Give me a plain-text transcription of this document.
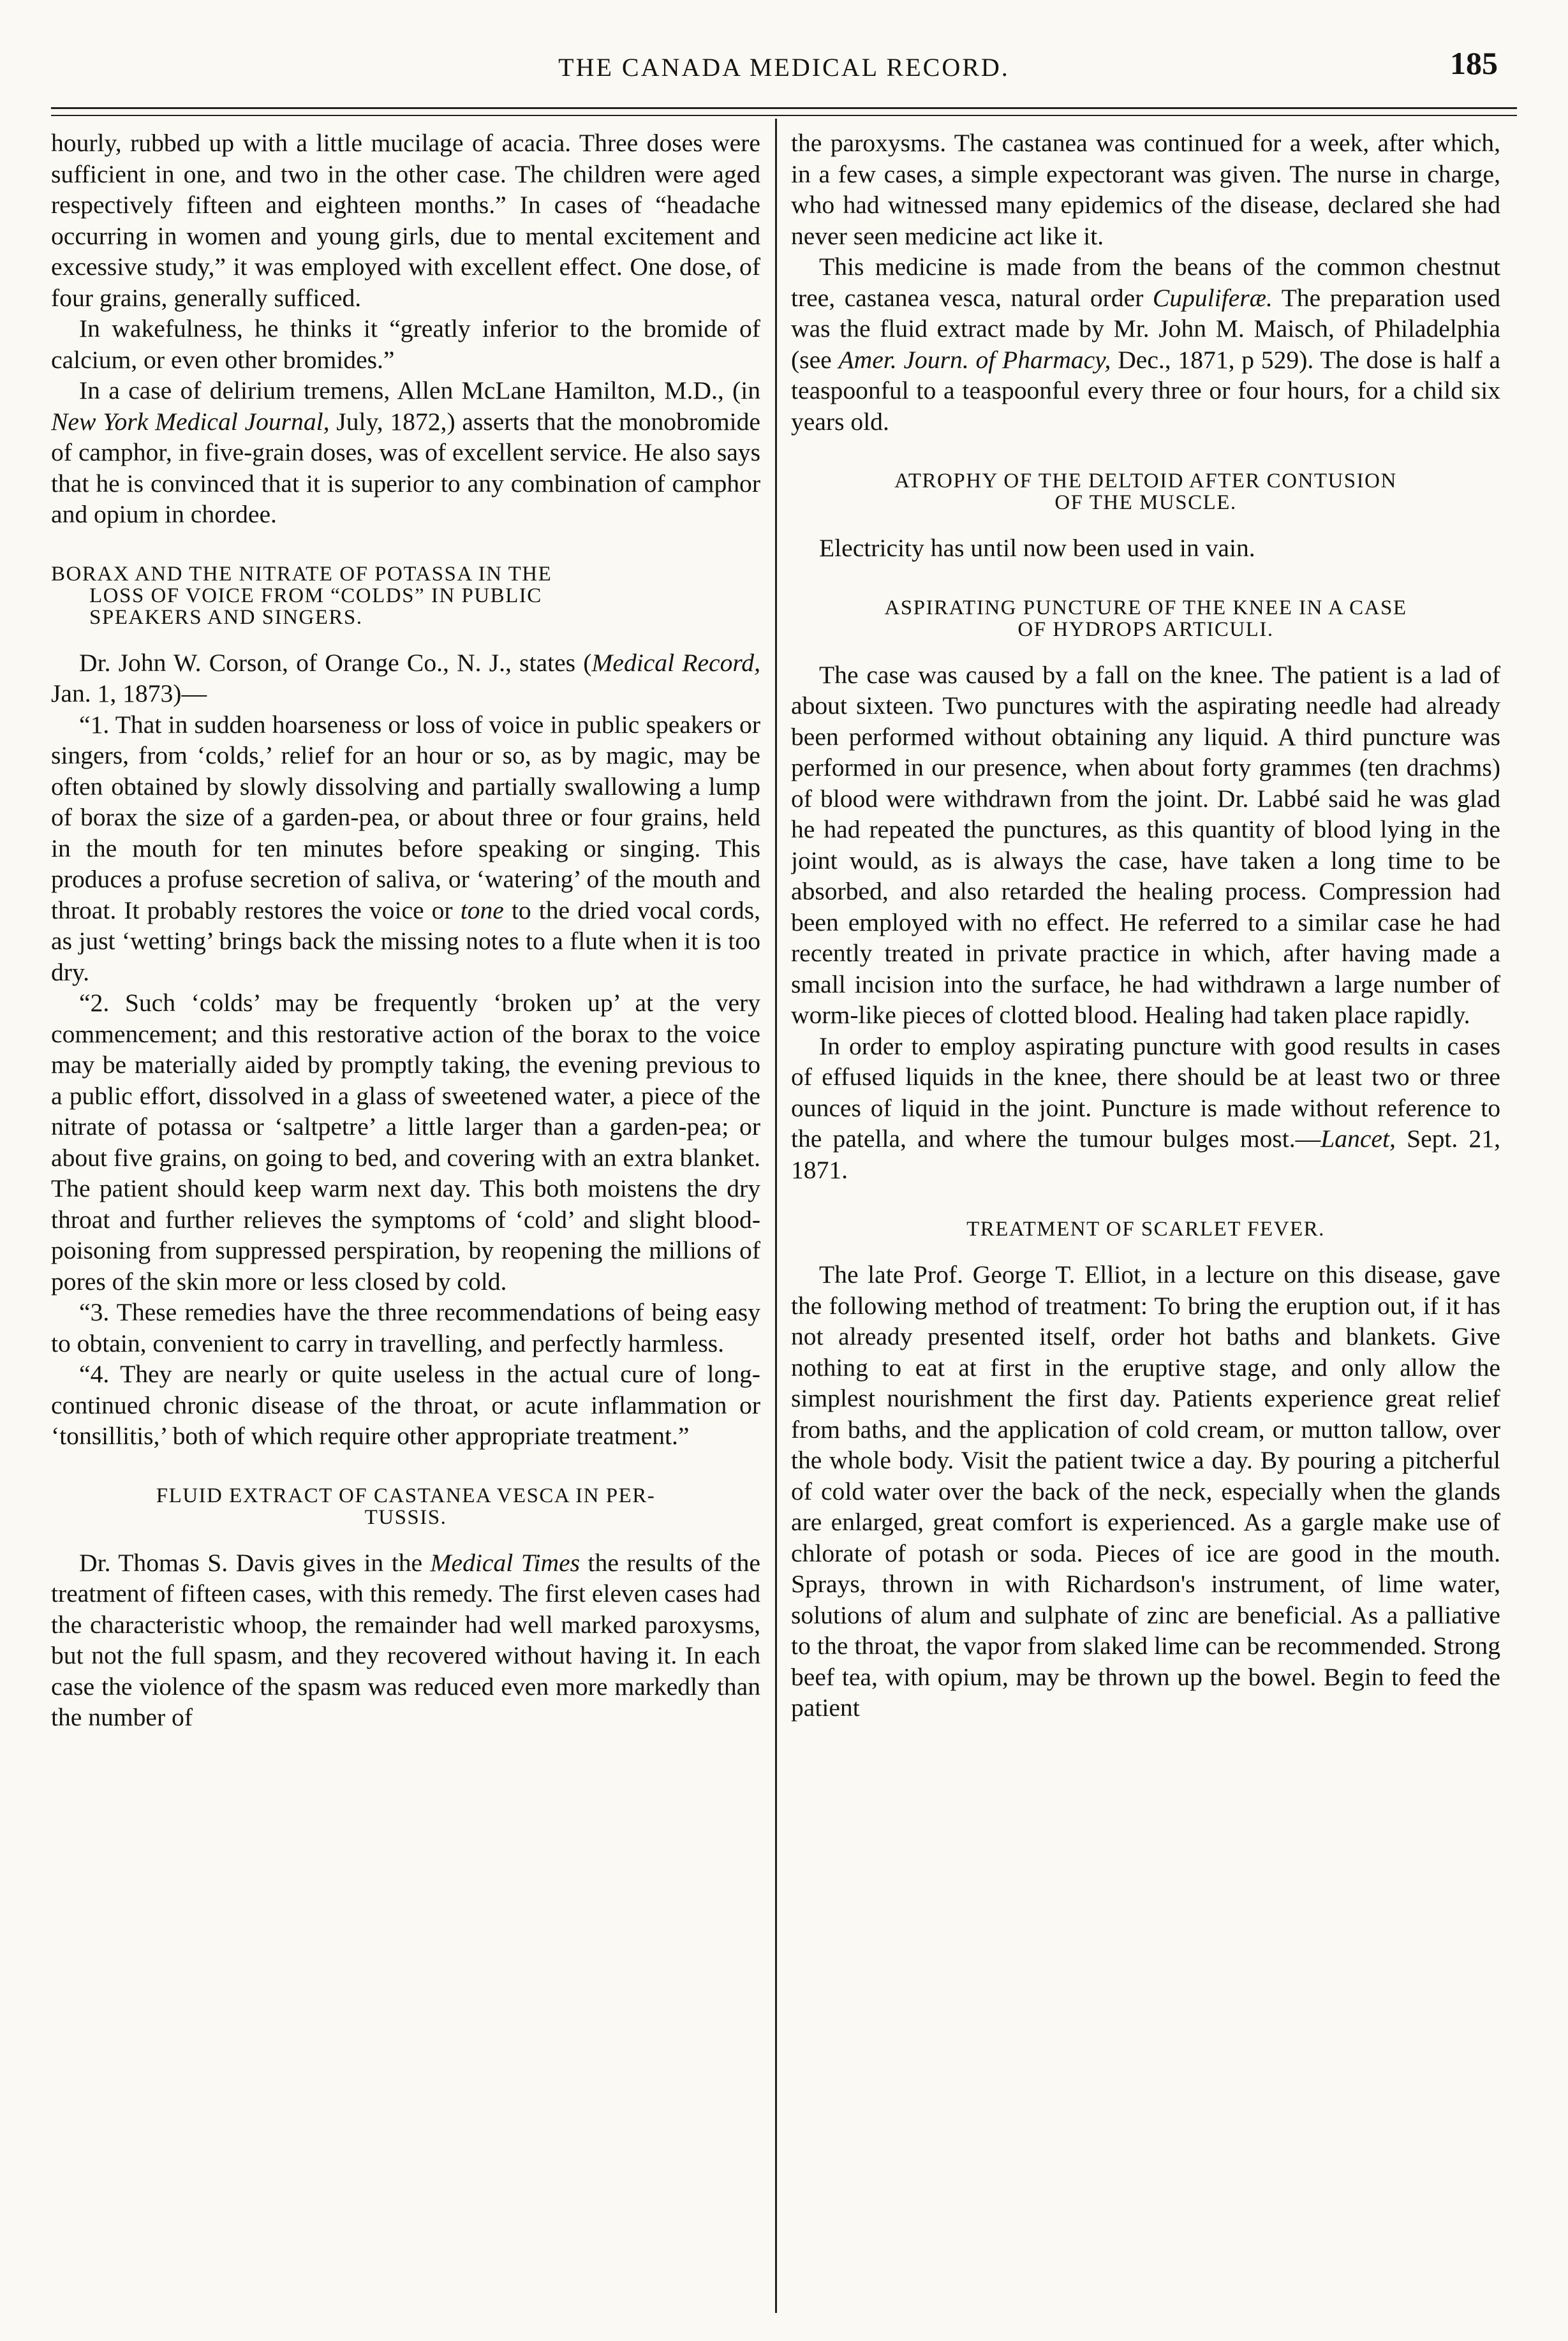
THE CANADA MEDICAL RECORD.	185

hourly, rubbed up with a little mucilage of acacia. Three doses were sufficient in one, and two in the other case. The children were aged respectively fifteen and eighteen months.” In cases of “headache occurring in women and young girls, due to mental excitement and excessive study,” it was employed with excellent effect. One dose, of four grains, generally sufficed.

In wakefulness, he thinks it “greatly inferior to the bromide of calcium, or even other bromides.”

In a case of delirium tremens, Allen McLane Hamilton, M.D., (in New York Medical Journal, July, 1872,) asserts that the monobromide of camphor, in five-grain doses, was of excellent service. He also says that he is convinced that it is superior to any combination of camphor and opium in chordee.

BORAX AND THE NITRATE OF POTASSA IN THE
LOSS OF VOICE FROM “COLDS” IN PUBLIC
SPEAKERS AND SINGERS.

Dr. John W. Corson, of Orange Co., N. J., states (Medical Record, Jan. 1, 1873)—

“1. That in sudden hoarseness or loss of voice in public speakers or singers, from ‘colds,’ relief for an hour or so, as by magic, may be often obtained by slowly dissolving and partially swallowing a lump of borax the size of a garden-pea, or about three or four grains, held in the mouth for ten minutes before speaking or singing. This produces a profuse secretion of saliva, or ‘watering’ of the mouth and throat. It probably restores the voice or tone to the dried vocal cords, as just ‘wetting’ brings back the missing notes to a flute when it is too dry.

“2. Such ‘colds’ may be frequently ‘broken up’ at the very commencement; and this restorative action of the borax to the voice may be materially aided by promptly taking, the evening previous to a public effort, dissolved in a glass of sweetened water, a piece of the nitrate of potassa or ‘saltpetre’ a little larger than a garden-pea; or about five grains, on going to bed, and covering with an extra blanket. The patient should keep warm next day. This both moistens the dry throat and further relieves the symptoms of ‘cold’ and slight blood-poisoning from suppressed perspiration, by reopening the millions of pores of the skin more or less closed by cold.

“3. These remedies have the three recommendations of being easy to obtain, convenient to carry in travelling, and perfectly harmless.

“4. They are nearly or quite useless in the actual cure of long-continued chronic disease of the throat, or acute inflammation or ‘tonsillitis,’ both of which require other appropriate treatment.”

FLUID EXTRACT OF CASTANEA VESCA IN PER-
TUSSIS.

Dr. Thomas S. Davis gives in the Medical Times the results of the treatment of fifteen cases, with this remedy. The first eleven cases had the characteristic whoop, the remainder had well marked paroxysms, but not the full spasm, and they recovered without having it. In each case the violence of the spasm was reduced even more markedly than the number of

the paroxysms. The castanea was continued for a week, after which, in a few cases, a simple expectorant was given. The nurse in charge, who had witnessed many epidemics of the disease, declared she had never seen medicine act like it.

This medicine is made from the beans of the common chestnut tree, castanea vesca, natural order Cupuliferæ. The preparation used was the fluid extract made by Mr. John M. Maisch, of Philadelphia (see Amer. Journ. of Pharmacy, Dec., 1871, p 529). The dose is half a teaspoonful to a teaspoonful every three or four hours, for a child six years old.

ATROPHY OF THE DELTOID AFTER CONTUSION
OF THE MUSCLE.

Electricity has until now been used in vain.

ASPIRATING PUNCTURE OF THE KNEE IN A CASE
OF HYDROPS ARTICULI.

The case was caused by a fall on the knee. The patient is a lad of about sixteen. Two punctures with the aspirating needle had already been performed without obtaining any liquid. A third puncture was performed in our presence, when about forty grammes (ten drachms) of blood were withdrawn from the joint. Dr. Labbé said he was glad he had repeated the punctures, as this quantity of blood lying in the joint would, as is always the case, have taken a long time to be absorbed, and also retarded the healing process. Compression had been employed with no effect. He referred to a similar case he had recently treated in private practice in which, after having made a small incision into the surface, he had withdrawn a large number of worm-like pieces of clotted blood. Healing had taken place rapidly.

In order to employ aspirating puncture with good results in cases of effused liquids in the knee, there should be at least two or three ounces of liquid in the joint. Puncture is made without reference to the patella, and where the tumour bulges most.—Lancet, Sept. 21, 1871.

TREATMENT OF SCARLET FEVER.

The late Prof. George T. Elliot, in a lecture on this disease, gave the following method of treatment: To bring the eruption out, if it has not already presented itself, order hot baths and blankets. Give nothing to eat at first in the eruptive stage, and only allow the simplest nourishment the first day. Patients experience great relief from baths, and the application of cold cream, or mutton tallow, over the whole body. Visit the patient twice a day. By pouring a pitcherful of cold water over the back of the neck, especially when the glands are enlarged, great comfort is experienced. As a gargle make use of chlorate of potash or soda. Pieces of ice are good in the mouth. Sprays, thrown in with Richardson's instrument, of lime water, solutions of alum and sulphate of zinc are beneficial. As a palliative to the throat, the vapor from slaked lime can be recommended. Strong beef tea, with opium, may be thrown up the bowel. Begin to feed the patient
